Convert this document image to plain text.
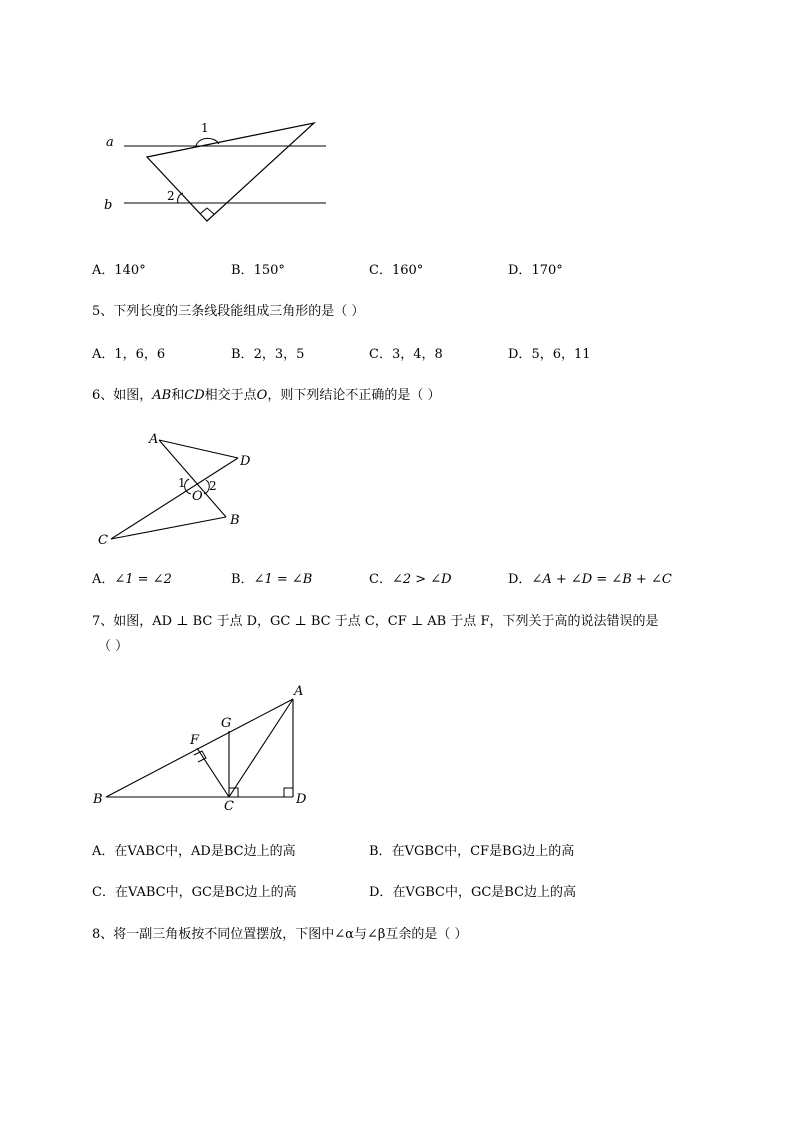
a
b
1
2
A．140°	B．150°	C．160°	D．170°
5、下列长度的三条线段能组成三角形的是（ ）
A．1，6，6	B．2，3，5	C．3，4，8	D．5，6，11
6、如图，AB和CD相交于点O，则下列结论不正确的是（ ）
A
D
B
C
O
1 2
A．∠1 = ∠2	B．∠1 = ∠B	C．∠2 > ∠D	D．∠A + ∠D = ∠B + ∠C
7、如图，AD ⊥ BC 于点 D，GC ⊥ BC 于点 C，CF ⊥ AB 于点 F，下列关于高的说法错误的是
（ ）
A
G
F
B	C	D
A．在VABC中，AD是BC边上的高	B．在VGBC中，CF是BG边上的高
C．在VABC中，GC是BC边上的高	D．在VGBC中，GC是BC边上的高
8、将一副三角板按不同位置摆放，下图中∠α与∠β互余的是（ ）
